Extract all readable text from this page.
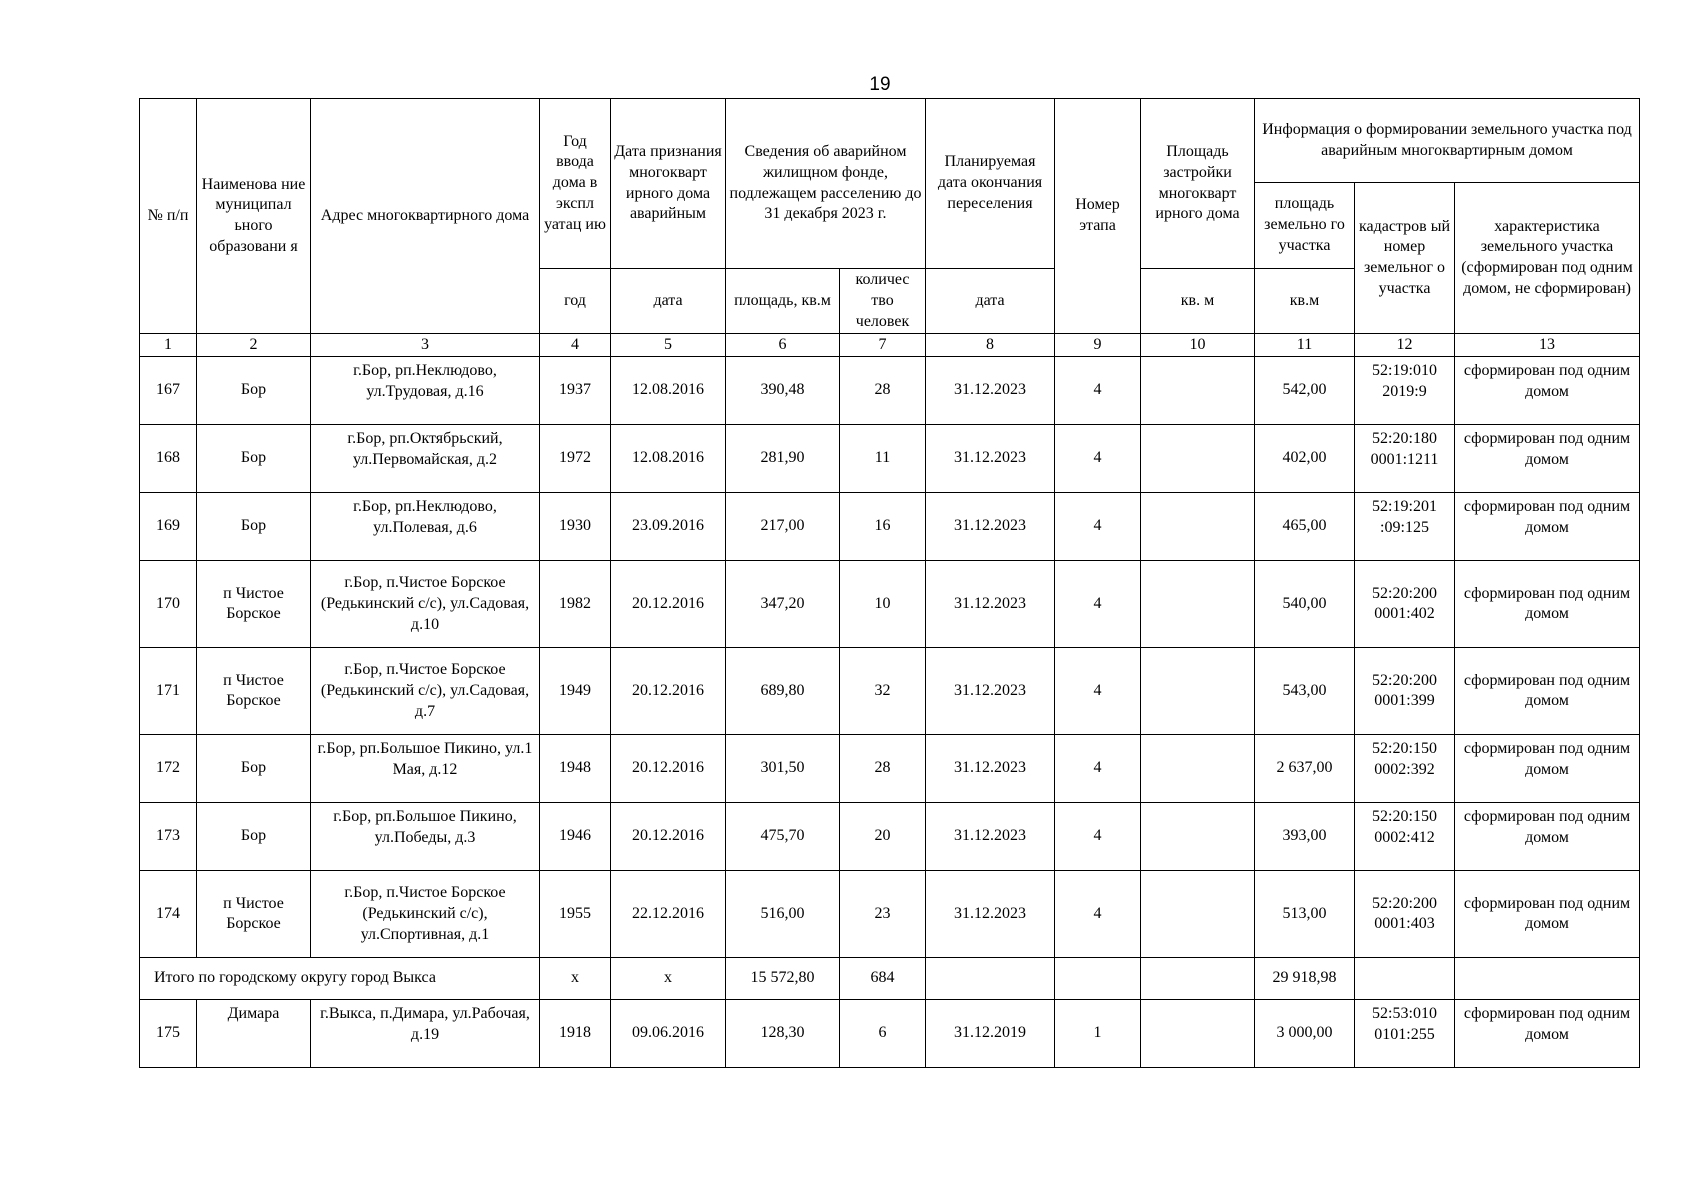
19
№ п/п	Наименова ние муниципал ьного образовани я	Адрес многоквартирного дома	Год ввода дома в экспл уатац ию	Дата признания многокварт ирного дома аварийным	Сведения об аварийном жилищном фонде, подлежащем расселению до 31 декабря 2023 г.		Планируемая дата окончания переселения	Номер этапа	Площадь застройки многокварт ирного дома	Информация о формировании земельного участка под аварийным многоквартирным домом		
										площадь земельно го участка	кадастров ый номер земельног о участка	характеристика земельного участка (сформирован под одним домом, не сформирован)
			год	дата	площадь, кв.м	количес тво человек	дата		кв. м	кв.м		
1	2	3	4	5	6	7	8	9	10	11	12	13
167	Бор	г.Бор, рп.Неклюдово, ул.Трудовая, д.16	1937	12.08.2016	390,48	28	31.12.2023	4		542,00	52:19:010 2019:9	сформирован под одним домом
168	Бор	г.Бор, рп.Октябрьский, ул.Первомайская, д.2	1972	12.08.2016	281,90	11	31.12.2023	4		402,00	52:20:180 0001:1211	сформирован под одним домом
169	Бор	г.Бор, рп.Неклюдово, ул.Полевая, д.6	1930	23.09.2016	217,00	16	31.12.2023	4		465,00	52:19:201 :09:125	сформирован под одним домом
170	п Чистое Борское	г.Бор, п.Чистое Борское (Редькинский с/с), ул.Садовая, д.10	1982	20.12.2016	347,20	10	31.12.2023	4		540,00	52:20:200 0001:402	сформирован под одним домом
171	п Чистое Борское	г.Бор, п.Чистое Борское (Редькинский с/с), ул.Садовая, д.7	1949	20.12.2016	689,80	32	31.12.2023	4		543,00	52:20:200 0001:399	сформирован под одним домом
172	Бор	г.Бор, рп.Большое Пикино, ул.1 Мая, д.12	1948	20.12.2016	301,50	28	31.12.2023	4		2 637,00	52:20:150 0002:392	сформирован под одним домом
173	Бор	г.Бор, рп.Большое Пикино, ул.Победы, д.3	1946	20.12.2016	475,70	20	31.12.2023	4		393,00	52:20:150 0002:412	сформирован под одним домом
174	п Чистое Борское	г.Бор, п.Чистое Борское (Редькинский с/с), ул.Спортивная, д.1	1955	22.12.2016	516,00	23	31.12.2023	4		513,00	52:20:200 0001:403	сформирован под одним домом
Итого по городскому округу город Выкса			х	х	15 572,80	684				29 918,98		
175	Димара	г.Выкса, п.Димара, ул.Рабочая, д.19	1918	09.06.2016	128,30	6	31.12.2019	1		3 000,00	52:53:010 0101:255	сформирован под одним домом
